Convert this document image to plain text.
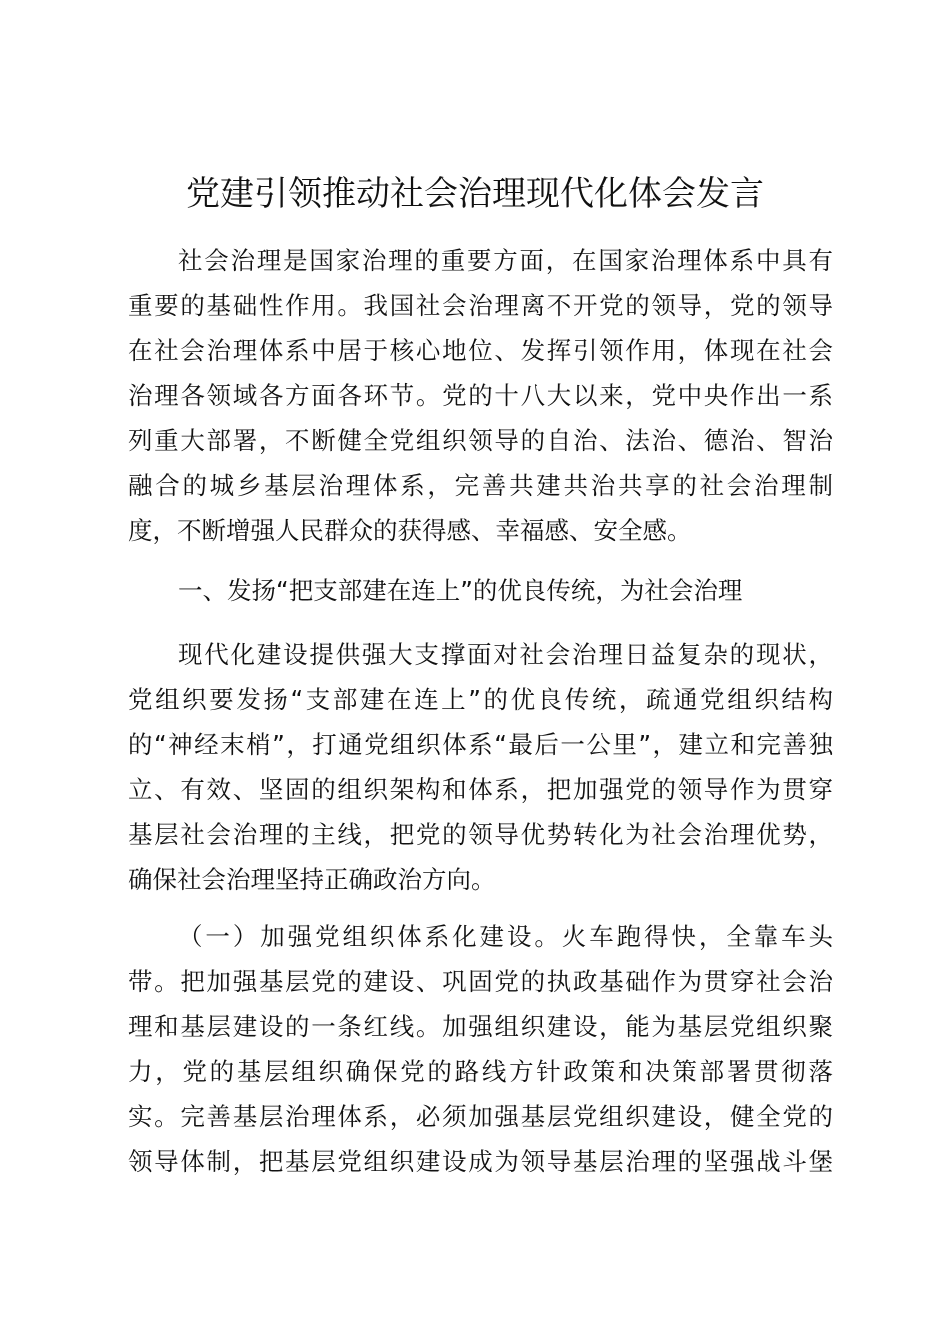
党建引领推动社会治理现代化体会发言
社会治理是国家治理的重要方面，在国家治理体系中具有
重要的基础性作用。我国社会治理离不开党的领导，党的领导
在社会治理体系中居于核心地位、发挥引领作用，体现在社会
治理各领域各方面各环节。党的十八大以来，党中央作出一系
列重大部署，不断健全党组织领导的自治、法治、德治、智治
融合的城乡基层治理体系，完善共建共治共享的社会治理制
度，不断增强人民群众的获得感、幸福感、安全感。
一、发扬“把支部建在连上”的优良传统，为社会治理
现代化建设提供强大支撑面对社会治理日益复杂的现状，
党组织要发扬“支部建在连上”的优良传统，疏通党组织结构
的“神经末梢”，打通党组织体系“最后一公里”，建立和完善独
立、有效、坚固的组织架构和体系，把加强党的领导作为贯穿
基层社会治理的主线，把党的领导优势转化为社会治理优势，
确保社会治理坚持正确政治方向。
（一）加强党组织体系化建设。火车跑得快，全靠车头
带。把加强基层党的建设、巩固党的执政基础作为贯穿社会治
理和基层建设的一条红线。加强组织建设，能为基层党组织聚
力，党的基层组织确保党的路线方针政策和决策部署贯彻落
实。完善基层治理体系，必须加强基层党组织建设，健全党的
领导体制，把基层党组织建设成为领导基层治理的坚强战斗堡
